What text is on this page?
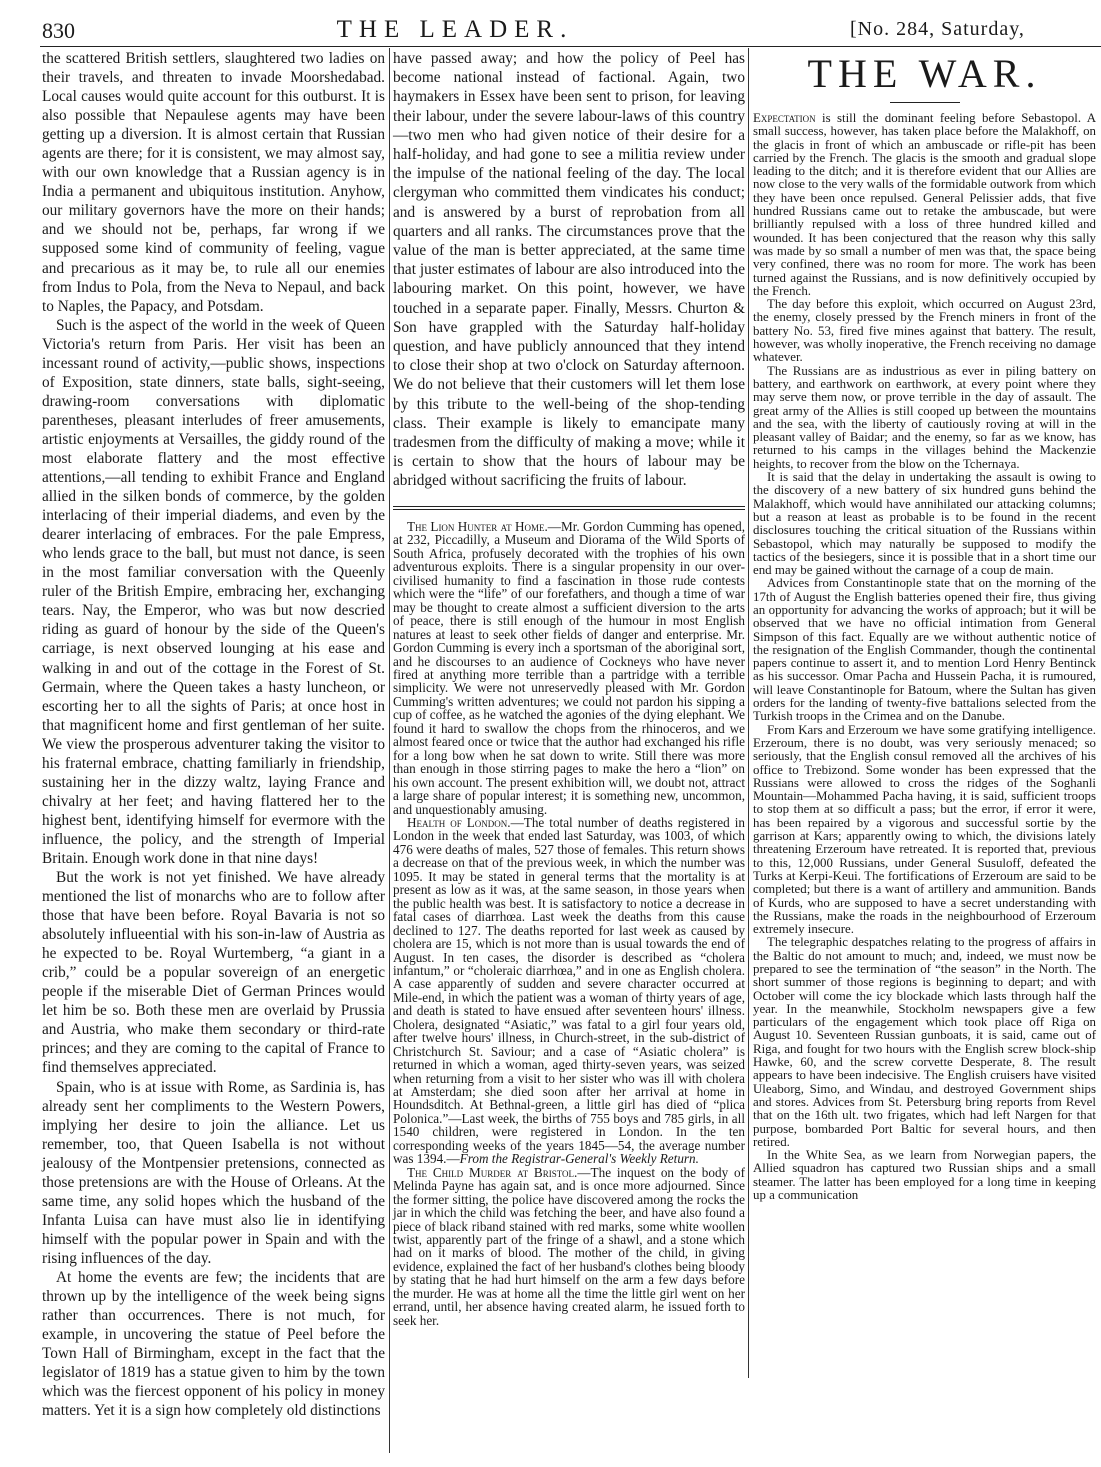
830	THE LEADER.	[No. 284, Saturday,

the scattered British settlers, slaughtered two ladies on their travels, and threaten to invade Moorshedabad. Local causes would quite account for this outburst. It is also possible that Nepaulese agents may have been getting up a diversion. It is almost certain that Russian agents are there; for it is consistent, we may almost say, with our own knowledge that a Russian agency is in India a permanent and ubiquitous institution. Anyhow, our military governors have the more on their hands; and we should not be, perhaps, far wrong if we supposed some kind of community of feeling, vague and precarious as it may be, to rule all our enemies from Indus to Pola, from the Neva to Nepaul, and back to Naples, the Papacy, and Potsdam.

Such is the aspect of the world in the week of Queen Victoria's return from Paris. Her visit has been an incessant round of activity,—public shows, inspections of Exposition, state dinners, state balls, sight-seeing, drawing-room conversations with diplomatic parentheses, pleasant interludes of freer amusements, artistic enjoyments at Versailles, the giddy round of the most elaborate flattery and the most effective attentions,—all tending to exhibit France and England allied in the silken bonds of commerce, by the golden interlacing of their imperial diadems, and even by the dearer interlacing of embraces. For the pale Empress, who lends grace to the ball, but must not dance, is seen in the most familiar conversation with the Queenly ruler of the British Empire, embracing her, exchanging tears. Nay, the Emperor, who was but now descried riding as guard of honour by the side of the Queen's carriage, is next observed lounging at his ease and walking in and out of the cottage in the Forest of St. Germain, where the Queen takes a hasty luncheon, or escorting her to all the sights of Paris; at once host in that magnificent home and first gentleman of her suite. We view the prosperous adventurer taking the visitor to his fraternal embrace, chatting familiarly in friendship, sustaining her in the dizzy waltz, laying France and chivalry at her feet; and having flattered her to the highest bent, identifying himself for evermore with the influence, the policy, and the strength of Imperial Britain. Enough work done in that nine days!

But the work is not yet finished. We have already mentioned the list of monarchs who are to follow after those that have been before. Royal Bavaria is not so absolutely influeential with his son-in-law of Austria as he expected to be. Royal Wurtemberg, “a giant in a crib,” could be a popular sovereign of an energetic people if the miserable Diet of German Princes would let him be so. Both these men are overlaid by Prussia and Austria, who make them secondary or third-rate princes; and they are coming to the capital of France to find themselves appreciated.

Spain, who is at issue with Rome, as Sardinia is, has already sent her compliments to the Western Powers, implying her desire to join the alliance. Let us remember, too, that Queen Isabella is not without jealousy of the Montpensier pretensions, connected as those pretensions are with the House of Orleans. At the same time, any solid hopes which the husband of the Infanta Luisa can have must also lie in identifying himself with the popular power in Spain and with the rising influences of the day.

At home the events are few; the incidents that are thrown up by the intelligence of the week being signs rather than occurrences. There is not much, for example, in uncovering the statue of Peel before the Town Hall of Birmingham, except in the fact that the legislator of 1819 has a statue given to him by the town which was the fiercest opponent of his policy in money matters. Yet it is a sign how completely old distinctions

have passed away; and how the policy of Peel has become national instead of factional. Again, two haymakers in Essex have been sent to prison, for leaving their labour, under the severe labour-laws of this country—two men who had given notice of their desire for a half-holiday, and had gone to see a militia review under the impulse of the national feeling of the day. The local clergyman who committed them vindicates his conduct; and is answered by a burst of reprobation from all quarters and all ranks. The circumstances prove that the value of the man is better appreciated, at the same time that juster estimates of labour are also introduced into the labouring market. On this point, however, we have touched in a separate paper. Finally, Messrs. Churton & Son have grappled with the Saturday half-holiday question, and have publicly announced that they intend to close their shop at two o'clock on Saturday afternoon. We do not believe that their customers will let them lose by this tribute to the well-being of the shop-tending class. Their example is likely to emancipate many tradesmen from the difficulty of making a move; while it is certain to show that the hours of labour may be abridged without sacrificing the fruits of labour.

The Lion Hunter at Home.—Mr. Gordon Cumming has opened, at 232, Piccadilly, a Museum and Diorama of the Wild Sports of South Africa, profusely decorated with the trophies of his own adventurous exploits. There is a singular propensity in our over-civilised humanity to find a fascination in those rude contests which were the “life” of our forefathers, and though a time of war may be thought to create almost a sufficient diversion to the arts of peace, there is still enough of the humour in most English natures at least to seek other fields of danger and enterprise. Mr. Gordon Cumming is every inch a sportsman of the aboriginal sort, and he discourses to an audience of Cockneys who have never fired at anything more terrible than a partridge with a terrible simplicity. We were not unreservedly pleased with Mr. Gordon Cumming's written adventures; we could not pardon his sipping a cup of coffee, as he watched the agonies of the dying elephant. We found it hard to swallow the chops from the rhinoceros, and we almost feared once or twice that the author had exchanged his rifle for a long bow when he sat down to write. Still there was more than enough in those stirring pages to make the hero a “lion” on his own account. The present exhibition will, we doubt not, attract a large share of popular interest; it is something new, uncommon, and unquestionably amusing.

Health of London.—The total number of deaths registered in London in the week that ended last Saturday, was 1003, of which 476 were deaths of males, 527 those of females. This return shows a decrease on that of the previous week, in which the number was 1095. It may be stated in general terms that the mortality is at present as low as it was, at the same season, in those years when the public health was best. It is satisfactory to notice a decrease in fatal cases of diarrhœa. Last week the deaths from this cause declined to 127. The deaths reported for last week as caused by cholera are 15, which is not more than is usual towards the end of August. In ten cases, the disorder is described as “cholera infantum,” or “choleraic diarrhœa,” and in one as English cholera. A case apparently of sudden and severe character occurred at Mile-end, in which the patient was a woman of thirty years of age, and death is stated to have ensued after seventeen hours' illness. Cholera, designated “Asiatic,” was fatal to a girl four years old, after twelve hours' illness, in Church-street, in the sub-district of Christchurch St. Saviour; and a case of “Asiatic cholera” is returned in which a woman, aged thirty-seven years, was seized when returning from a visit to her sister who was ill with cholera at Amsterdam; she died soon after her arrival at home in Houndsditch. At Bethnal-green, a little girl has died of “plica Polonica.”—Last week, the births of 755 boys and 785 girls, in all 1540 children, were registered in London. In the ten corresponding weeks of the years 1845—54, the average number was 1394.—From the Registrar-General's Weekly Return.

The Child Murder at Bristol.—The inquest on the body of Melinda Payne has again sat, and is once more adjourned. Since the former sitting, the police have discovered among the rocks the jar in which the child was fetching the beer, and have also found a piece of black riband stained with red marks, some white woollen twist, apparently part of the fringe of a shawl, and a stone which had on it marks of blood. The mother of the child, in giving evidence, explained the fact of her husband's clothes being bloody by stating that he had hurt himself on the arm a few days before the murder. He was at home all the time the little girl went on her errand, until, her absence having created alarm, he issued forth to seek her.

THE WAR.

Expectation is still the dominant feeling before Sebastopol. A small success, however, has taken place before the Malakhoff, on the glacis in front of which an ambuscade or rifle-pit has been carried by the French. The glacis is the smooth and gradual slope leading to the ditch; and it is therefore evident that our Allies are now close to the very walls of the formidable outwork from which they have been once repulsed. General Pelissier adds, that five hundred Russians came out to retake the ambuscade, but were brilliantly repulsed with a loss of three hundred killed and wounded. It has been conjectured that the reason why this sally was made by so small a number of men was that, the space being very confined, there was no room for more. The work has been turned against the Russians, and is now definitively occupied by the French.

The day before this exploit, which occurred on August 23rd, the enemy, closely pressed by the French miners in front of the battery No. 53, fired five mines against that battery. The result, however, was wholly inoperative, the French receiving no damage whatever.

The Russians are as industrious as ever in piling battery on battery, and earthwork on earthwork, at every point where they may serve them now, or prove terrible in the day of assault. The great army of the Allies is still cooped up between the mountains and the sea, with the liberty of cautiously roving at will in the pleasant valley of Baidar; and the enemy, so far as we know, has returned to his camps in the villages behind the Mackenzie heights, to recover from the blow on the Tchernaya.

It is said that the delay in undertaking the assault is owing to the discovery of a new battery of six hundred guns behind the Malakhoff, which would have annihilated our attacking columns; but a reason at least as probable is to be found in the recent disclosures touching the critical situation of the Russians within Sebastopol, which may naturally be supposed to modify the tactics of the besiegers, since it is possible that in a short time our end may be gained without the carnage of a coup de main.

Advices from Constantinople state that on the morning of the 17th of August the English batteries opened their fire, thus giving an opportunity for advancing the works of approach; but it will be observed that we have no official intimation from General Simpson of this fact. Equally are we without authentic notice of the resignation of the English Commander, though the continental papers continue to assert it, and to mention Lord Henry Bentinck as his successor. Omar Pacha and Hussein Pacha, it is rumoured, will leave Constantinople for Batoum, where the Sultan has given orders for the landing of twenty-five battalions selected from the Turkish troops in the Crimea and on the Danube.

From Kars and Erzeroum we have some gratifying intelligence. Erzeroum, there is no doubt, was very seriously menaced; so seriously, that the English consul removed all the archives of his office to Trebizond. Some wonder has been expressed that the Russians were allowed to cross the ridges of the Soghanli Mountain—Mohammed Pacha having, it is said, sufficient troops to stop them at so difficult a pass; but the error, if error it were, has been repaired by a vigorous and successful sortie by the garrison at Kars; apparently owing to which, the divisions lately threatening Erzeroum have retreated. It is reported that, previous to this, 12,000 Russians, under General Susuloff, defeated the Turks at Kerpi-Keui. The fortifications of Erzeroum are said to be completed; but there is a want of artillery and ammunition. Bands of Kurds, who are supposed to have a secret understanding with the Russians, make the roads in the neighbourhood of Erzeroum extremely insecure.

The telegraphic despatches relating to the progress of affairs in the Baltic do not amount to much; and, indeed, we must now be prepared to see the termination of “the season” in the North. The short summer of those regions is beginning to depart; and with October will come the icy blockade which lasts through half the year. In the meanwhile, Stockholm newspapers give a few particulars of the engagement which took place off Riga on August 10. Seventeen Russian gunboats, it is said, came out of Riga, and fought for two hours with the English screw block-ship Hawke, 60, and the screw corvette Desperate, 8. The result appears to have been indecisive. The English cruisers have visited Uleaborg, Simo, and Windau, and destroyed Government ships and stores. Advices from St. Petersburg bring reports from Revel that on the 16th ult. two frigates, which had left Nargen for that purpose, bombarded Port Baltic for several hours, and then retired.

In the White Sea, as we learn from Norwegian papers, the Allied squadron has captured two Russian ships and a small steamer. The latter has been employed for a long time in keeping up a communication
